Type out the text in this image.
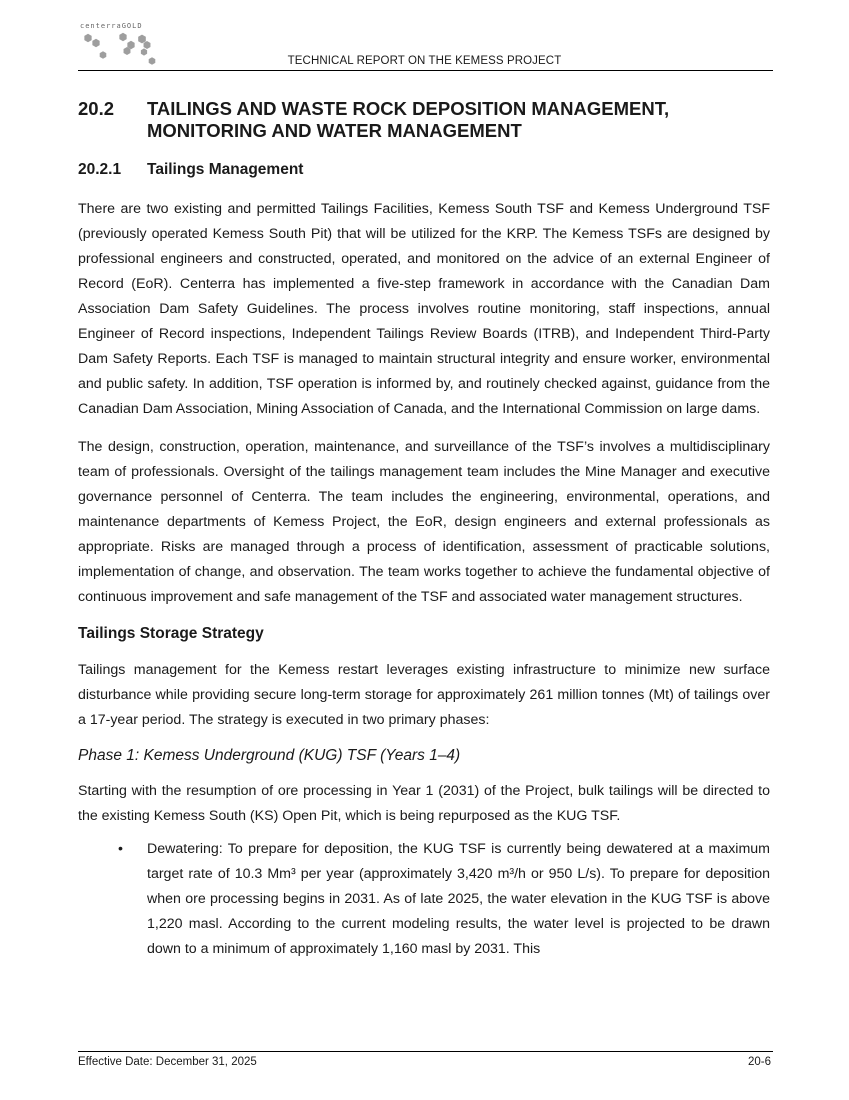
centerraGOLD
TECHNICAL REPORT ON THE KEMESS PROJECT
20.2	TAILINGS AND WASTE ROCK DEPOSITION MANAGEMENT, MONITORING AND WATER MANAGEMENT
20.2.1	Tailings Management

There are two existing and permitted Tailings Facilities, Kemess South TSF and Kemess Underground TSF (previously operated Kemess South Pit) that will be utilized for the KRP. The Kemess TSFs are designed by professional engineers and constructed, operated, and monitored on the advice of an external Engineer of Record (EoR). Centerra has implemented a five-step framework in accordance with the Canadian Dam Association Dam Safety Guidelines. The process involves routine monitoring, staff inspections, annual Engineer of Record inspections, Independent Tailings Review Boards (ITRB), and Independent Third-Party Dam Safety Reports. Each TSF is managed to maintain structural integrity and ensure worker, environmental and public safety. In addition, TSF operation is informed by, and routinely checked against, guidance from the Canadian Dam Association, Mining Association of Canada, and the International Commission on large dams.

The design, construction, operation, maintenance, and surveillance of the TSF’s involves a multidisciplinary team of professionals. Oversight of the tailings management team includes the Mine Manager and executive governance personnel of Centerra. The team includes the engineering, environmental, operations, and maintenance departments of Kemess Project, the EoR, design engineers and external professionals as appropriate. Risks are managed through a process of identification, assessment of practicable solutions, implementation of change, and observation. The team works together to achieve the fundamental objective of continuous improvement and safe management of the TSF and associated water management structures.

Tailings Storage Strategy

Tailings management for the Kemess restart leverages existing infrastructure to minimize new surface disturbance while providing secure long-term storage for approximately 261 million tonnes (Mt) of tailings over a 17-year period. The strategy is executed in two primary phases:

Phase 1: Kemess Underground (KUG) TSF (Years 1–4)

Starting with the resumption of ore processing in Year 1 (2031) of the Project, bulk tailings will be directed to the existing Kemess South (KS) Open Pit, which is being repurposed as the KUG TSF.

• Dewatering: To prepare for deposition, the KUG TSF is currently being dewatered at a maximum target rate of 10.3 Mm³ per year (approximately 3,420 m³/h or 950 L/s). To prepare for deposition when ore processing begins in 2031. As of late 2025, the water elevation in the KUG TSF is above 1,220 masl. According to the current modeling results, the water level is projected to be drawn down to a minimum of approximately 1,160 masl by 2031. This
Effective Date: December 31, 2025	20-6
